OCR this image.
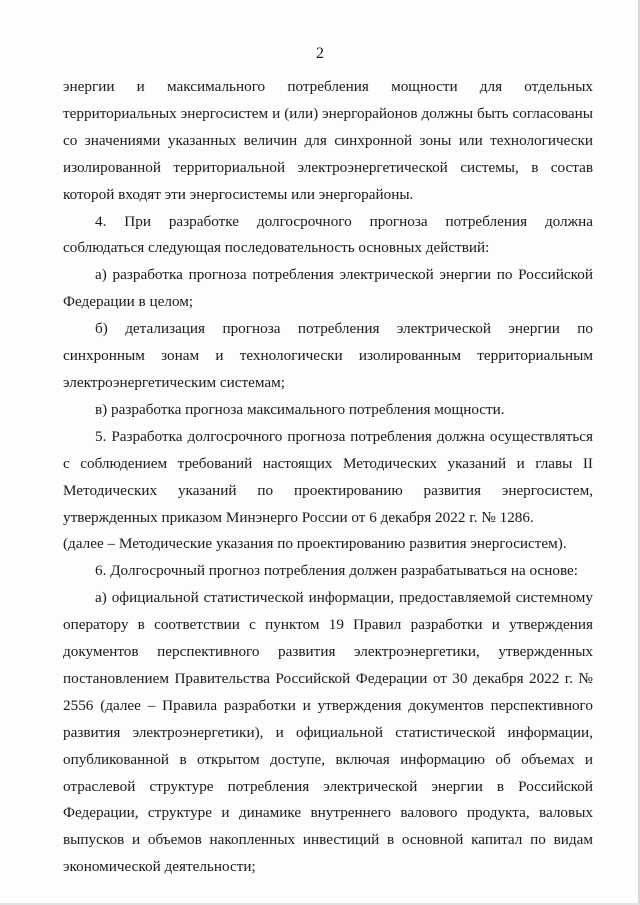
2

энергии и максимального потребления мощности для отдельных территориальных энергосистем и (или) энергорайонов должны быть согласованы со значениями указанных величин для синхронной зоны или технологически изолированной территориальной электроэнергетической системы, в состав которой входят эти энергосистемы или энергорайоны.

4. При разработке долгосрочного прогноза потребления должна соблюдаться следующая последовательность основных действий:

а) разработка прогноза потребления электрической энергии по Российской Федерации в целом;

б) детализация прогноза потребления электрической энергии по синхронным зонам и технологически изолированным территориальным электроэнергетическим системам;

в) разработка прогноза максимального потребления мощности.

5. Разработка долгосрочного прогноза потребления должна осуществляться с соблюдением требований настоящих Методических указаний и главы II Методических указаний по проектированию развития энергосистем, утвержденных приказом Минэнерго России от 6 декабря 2022 г. № 1286.

(далее – Методические указания по проектированию развития энергосистем).

6. Долгосрочный прогноз потребления должен разрабатываться на основе:

а) официальной статистической информации, предоставляемой системному оператору в соответствии с пунктом 19 Правил разработки и утверждения документов перспективного развития электроэнергетики, утвержденных постановлением Правительства Российской Федерации от 30 декабря 2022 г. № 2556 (далее – Правила разработки и утверждения документов перспективного развития электроэнергетики), и официальной статистической информации, опубликованной в открытом доступе, включая информацию об объемах и отраслевой структуре потребления электрической энергии в Российской Федерации, структуре и динамике внутреннего валового продукта, валовых выпусков и объемов накопленных инвестиций в основной капитал по видам экономической деятельности;
